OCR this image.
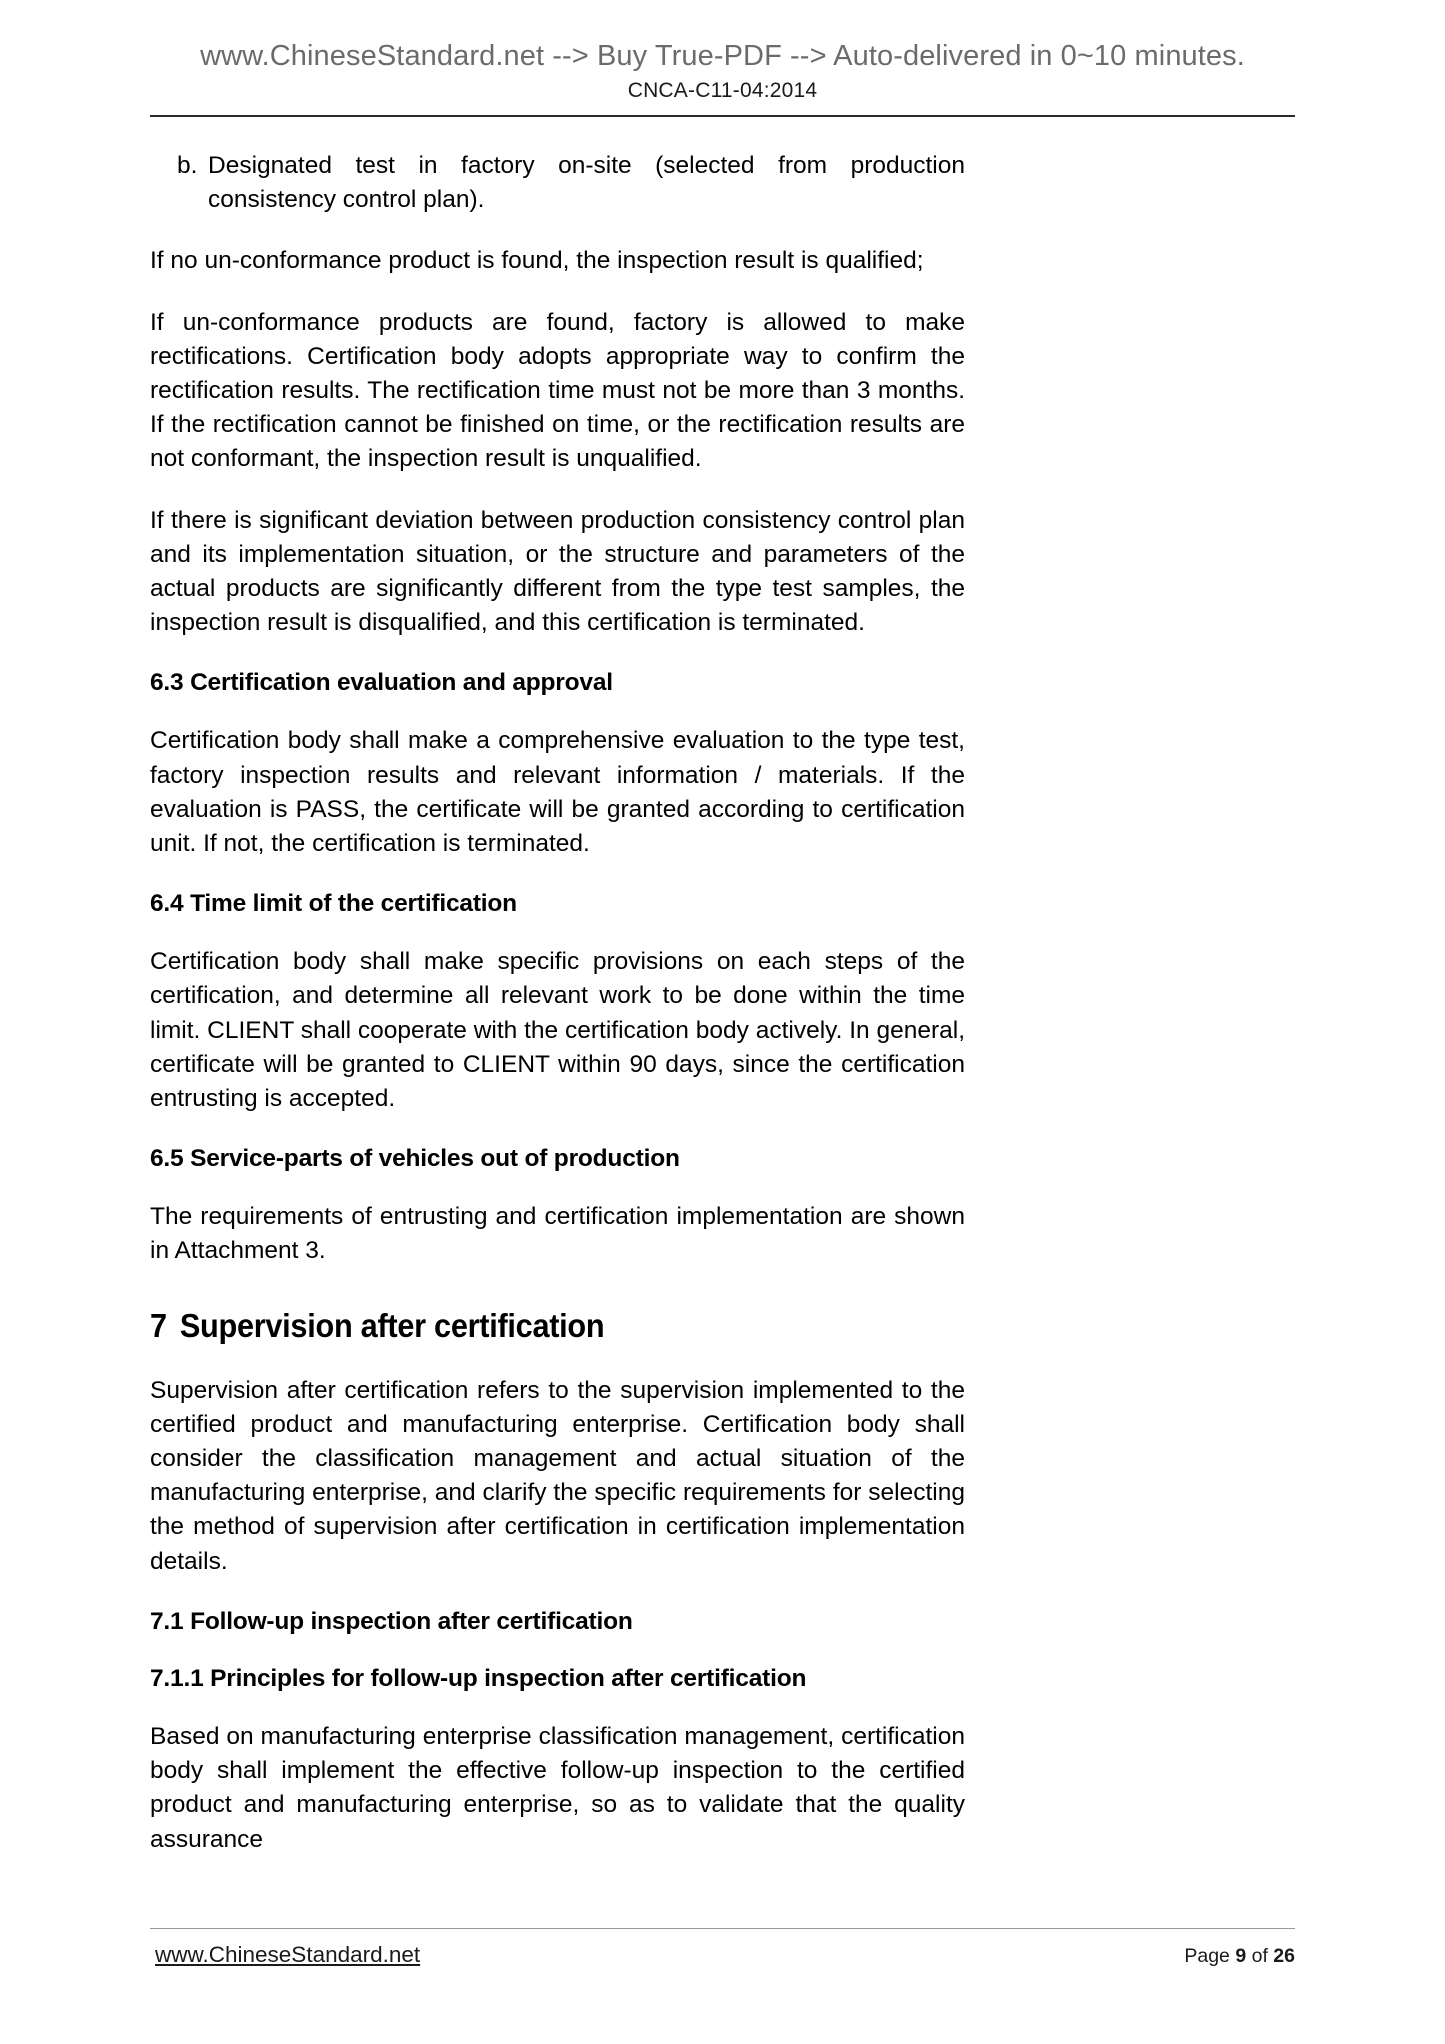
www.ChineseStandard.net --> Buy True-PDF --> Auto-delivered in 0~10 minutes.
CNCA-C11-04:2014
b. Designated test in factory on-site (selected from production consistency control plan).

If no un-conformance product is found, the inspection result is qualified;

If un-conformance products are found, factory is allowed to make rectifications. Certification body adopts appropriate way to confirm the rectification results. The rectification time must not be more than 3 months. If the rectification cannot be finished on time, or the rectification results are not conformant, the inspection result is unqualified.

If there is significant deviation between production consistency control plan and its implementation situation, or the structure and parameters of the actual products are significantly different from the type test samples, the inspection result is disqualified, and this certification is terminated.

6.3 Certification evaluation and approval

Certification body shall make a comprehensive evaluation to the type test, factory inspection results and relevant information / materials. If the evaluation is PASS, the certificate will be granted according to certification unit. If not, the certification is terminated.

6.4 Time limit of the certification

Certification body shall make specific provisions on each steps of the certification, and determine all relevant work to be done within the time limit. CLIENT shall cooperate with the certification body actively. In general, certificate will be granted to CLIENT within 90 days, since the certification entrusting is accepted.

6.5 Service-parts of vehicles out of production

The requirements of entrusting and certification implementation are shown in Attachment 3.

7 Supervision after certification

Supervision after certification refers to the supervision implemented to the certified product and manufacturing enterprise. Certification body shall consider the classification management and actual situation of the manufacturing enterprise, and clarify the specific requirements for selecting the method of supervision after certification in certification implementation details.

7.1 Follow-up inspection after certification
7.1.1 Principles for follow-up inspection after certification

Based on manufacturing enterprise classification management, certification body shall implement the effective follow-up inspection to the certified product and manufacturing enterprise, so as to validate that the quality assurance

www.ChineseStandard.net	Page 9 of 26
